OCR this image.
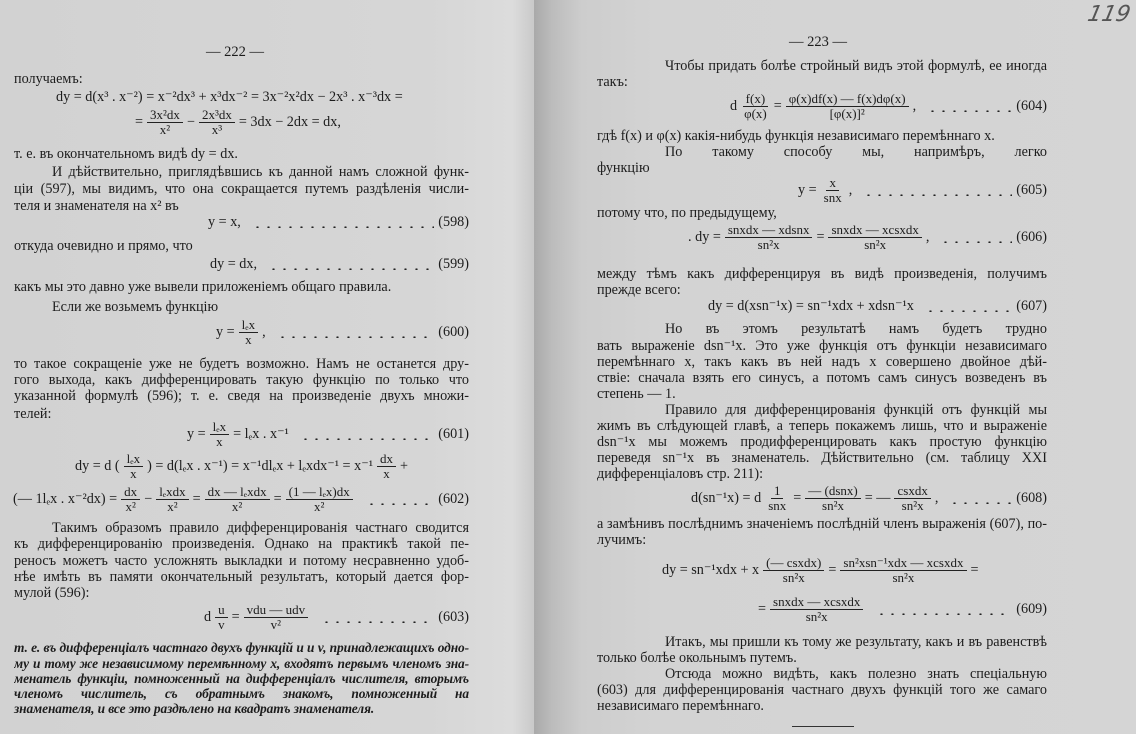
— 222 —
получаемъ:
dy = d(x³ . x⁻²) = x⁻²dx³ + x³dx⁻² = 3x⁻²x²dx − 2x³ . x⁻³dx =
= $\frac{\text{3x²dx}}{\text{x²}} - \frac{\text{2x³dx}}{\text{x³}} = 3dx - 2dx$ = dx,
т. е. въ окончательномъ видѣ dy = dx.
И дѣйствительно, приглядѣвшись къ данной намъ сложной функ-
ціи (597), мы видимъ, что она сокращается путемъ раздѣленія числи-
теля и знаменателя на x² въ
y = x,	(598)
откуда очевидно и прямо, что
dy = dx,	(599)
какъ мы это давно уже вывели приложеніемъ общаго правила.
Если же возьмемъ функцію
$y = \frac{\text{lₑx}}{x}$ ,	(600)
то такое сокращеніе уже не будетъ возможно. Намъ не останется дру-
гого выхода, какъ дифференцировать такую функцію по только что
указанной формулѣ (596); т. е. сведя на произведеніе двухъ множи-
телей:
$y = \frac{\text{lₑx}}{x} = l_ex$ . x⁻¹	(601)
dy = d ( $\frac{\text{lₑx}}{x}$ ) = d(lₑx . $x^{-1}) = x^{-1}dl_ex + l_exdx^{-1} = x^{-1} \frac{dx}{x}$ +
(— 1lₑx . $x^{-2}dx) = \frac{dx}{\text{x²}} - \frac{\text{lₑxdx}}{\text{x²}} = \frac{\text{dx — lₑxdx}}{\text{x²}} = \frac{\text{(1 — lₑx)dx}}{\text{x²}}$	(602)
Такимъ образомъ правило дифференцированія частнаго сводится
къ дифференцированію произведенія. Однако на практикѣ такой пе-
реносъ можетъ часто усложнять выкладки и потому несравненно удоб-
нѣе имѣть въ памяти окончательный результатъ, который дается фор-
мулой (596):
d $\frac{u}{v} = \frac{\text{vdu — udv}}{\text{v²}}$	(603)
т. е. въ дифференціалъ частнаго двухъ функцій u и v, принадлежащихъ одно-
му и тому же независимому перемѣнному x, входятъ первымъ членомъ зна-
менатель функціи, помноженный на дифференціалъ числителя, вторымъ
членомъ числитель, съ обратнымъ знакомъ, помноженный на
знаменателя, и все это раздѣлено на квадратъ знаменателя.
119
— 223 —
Чтобы придать болѣе стройный видъ этой формулѣ, ее иногда
такъ:
d $\frac{f(x)}{\varphi(x)} = \frac{\varphi(x)df(x) — f(x)d\varphi(x)}{\text{[φ(x)]²}}$ ,	(604)
гдѣ f(x) и φ(x) какія-нибудь функція независимаго перемѣннаго x.
По такому способу мы, напримѣръ, легко
функцію
$y = \frac{x}{\text{snx}}$ ,	(605)
потому что, по предыдущему,
. dy = $\frac{\text{snxdx — xdsnx}}{\text{sn²x}} = \frac{\text{snxdx — xcsxdx}}{\text{sn²x}}$ ,	(606)
между тѣмъ какъ дифференцируя въ видѣ произведенія, получимъ
прежде всего:
dy = d(xsn⁻¹x) = sn⁻¹xdx + xdsn⁻¹x	(607)
Но въ этомъ результатѣ намъ будетъ трудно
вать выраженіе dsn⁻¹x. Это уже функція отъ функціи независимаго
перемѣннаго x, такъ какъ въ ней надъ x совершено двойное дѣй-
ствіе: сначала взять его синусъ, а потомъ самъ синусъ возведенъ въ
степень — 1.
Правило для дифференцированія функцій отъ функцій мы
жимъ въ слѣдующей главѣ, а теперь покажемъ лишь, что и выраженіе
dsn⁻¹x мы можемъ продифференцировать какъ простую функцію
переведя sn⁻¹x въ знаменатель. Дѣйствительно (см. таблицу XXI
дифференціаловъ стр. 211):
d(sn⁻¹x) = d $\frac{1}{\text{snx}} = \frac{\text{— (dsnx)}}{\text{sn²x}}$ = — $\frac{\text{csxdx}}{\text{sn²x}}$ ,	(608)
а замѣнивъ послѣднимъ значеніемъ послѣдній членъ выраженія (607), по-
лучимъ:
dy = sn⁻¹xdx + x $\frac{\text{(— csxdx)}}{\text{sn²x}} = \frac{\text{sn²xsn⁻¹xdx — xcsxdx}}{\text{sn²x}}$ =
= $\frac{\text{snxdx — xcsxdx}}{\text{sn²x}}$	(609)
Итакъ, мы пришли къ тому же результату, какъ и въ равенствѣ
только болѣе окольнымъ путемъ.
Отсюда можно видѣть, какъ полезно знать спеціальную
(603) для дифференцированія частнаго двухъ функцій того же самаго
независимаго перемѣннаго.
